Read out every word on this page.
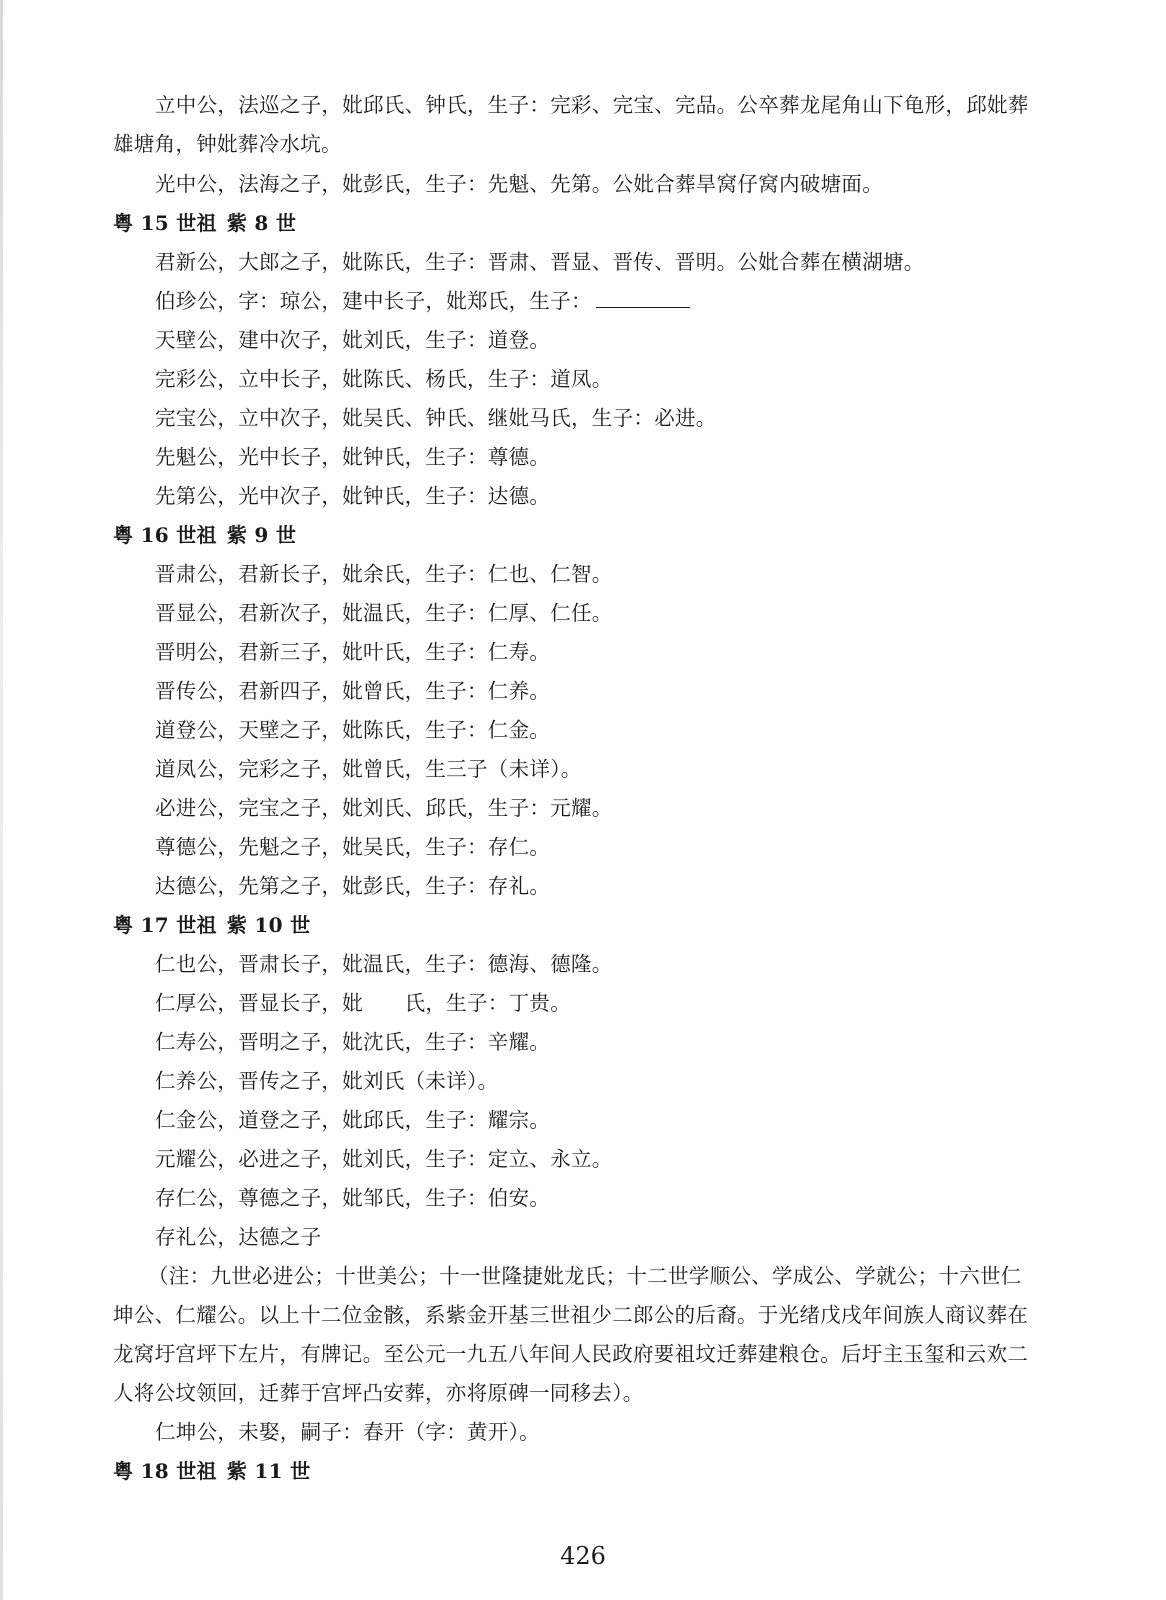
立中公，法巡之子，妣邱氏、钟氏，生子：完彩、完宝、完品。公卒葬龙尾角山下龟形，邱妣葬
雄塘角，钟妣葬冷水坑。
光中公，法海之子，妣彭氏，生子：先魁、先第。公妣合葬旱窝仔窝内破塘面。
粤 15 世祖 紫 8 世
君新公，大郎之子，妣陈氏，生子：晋肃、晋显、晋传、晋明。公妣合葬在横湖塘。
伯珍公，字：琼公，建中长子，妣郑氏，生子：
天壁公，建中次子，妣刘氏，生子：道登。
完彩公，立中长子，妣陈氏、杨氏，生子：道凤。
完宝公，立中次子，妣吴氏、钟氏、继妣马氏，生子：必进。
先魁公，光中长子，妣钟氏，生子：尊德。
先第公，光中次子，妣钟氏，生子：达德。
粤 16 世祖 紫 9 世
晋肃公，君新长子，妣余氏，生子：仁也、仁智。
晋显公，君新次子，妣温氏，生子：仁厚、仁任。
晋明公，君新三子，妣叶氏，生子：仁寿。
晋传公，君新四子，妣曾氏，生子：仁养。
道登公，天壁之子，妣陈氏，生子：仁金。
道凤公，完彩之子，妣曾氏，生三子（未详）。
必进公，完宝之子，妣刘氏、邱氏，生子：元耀。
尊德公，先魁之子，妣吴氏，生子：存仁。
达德公，先第之子，妣彭氏，生子：存礼。
粤 17 世祖 紫 10 世
仁也公，晋肃长子，妣温氏，生子：德海、德隆。
仁厚公，晋显长子，妣　　氏，生子：丁贵。
仁寿公，晋明之子，妣沈氏，生子：辛耀。
仁养公，晋传之子，妣刘氏（未详）。
仁金公，道登之子，妣邱氏，生子：耀宗。
元耀公，必进之子，妣刘氏，生子：定立、永立。
存仁公，尊德之子，妣邹氏，生子：伯安。
存礼公，达德之子
（注：九世必进公；十世美公；十一世隆捷妣龙氏；十二世学顺公、学成公、学就公；十六世仁
坤公、仁耀公。以上十二位金骸，系紫金开基三世祖少二郎公的后裔。于光绪戊戌年间族人商议葬在
龙窝圩宫坪下左片，有牌记。至公元一九五八年间人民政府要祖坟迁葬建粮仓。后圩主玉玺和云欢二
人将公坟领回，迁葬于宫坪凸安葬，亦将原碑一同移去）。
仁坤公，未娶，嗣子：春开（字：黄开）。
粤 18 世祖 紫 11 世
426
